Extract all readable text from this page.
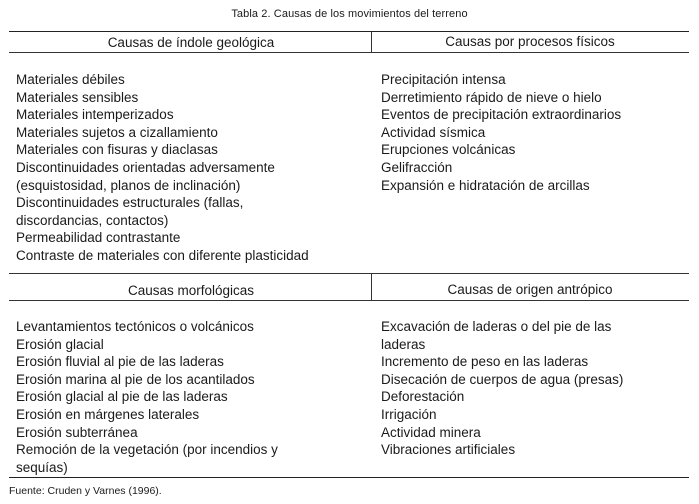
Tabla 2. Causas de los movimientos del terreno
Causas de índole geológica	Causas por procesos físicos
Causas morfológicas	Causas de origen antrópico
Materiales débiles
Materiales sensibles
Materiales intemperizados
Materiales sujetos a cizallamiento
Materiales con fisuras y diaclasas
Discontinuidades orientadas adversamente
(esquistosidad, planos de inclinación)
Discontinuidades estructurales (fallas,
discordancias, contactos)
Permeabilidad contrastante
Contraste de materiales con diferente plasticidad
Precipitación intensa
Derretimiento rápido de nieve o hielo
Eventos de precipitación extraordinarios
Actividad sísmica
Erupciones volcánicas
Gelifracción
Expansión e hidratación de arcillas
Levantamientos tectónicos o volcánicos
Erosión glacial
Erosión fluvial al pie de las laderas
Erosión marina al pie de los acantilados
Erosión glacial al pie de las laderas
Erosión en márgenes laterales
Erosión subterránea
Remoción de la vegetación (por incendios y
sequías)
Excavación de laderas o del pie de las
laderas
Incremento de peso en las laderas
Disecación de cuerpos de agua (presas)
Deforestación
Irrigación
Actividad minera
Vibraciones artificiales
Fuente: Cruden y Varnes (1996).
